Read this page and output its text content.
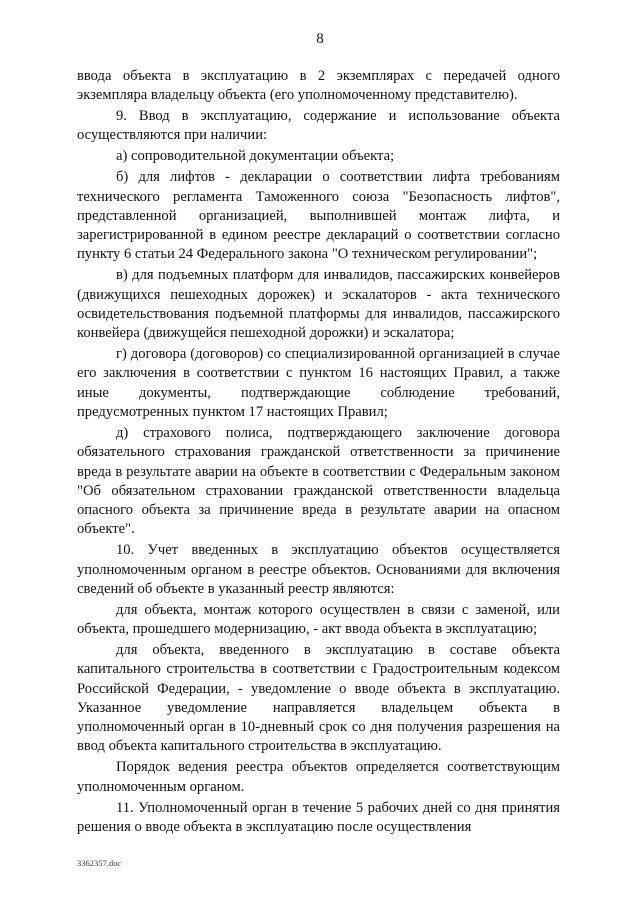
8

ввода объекта в эксплуатацию в 2 экземплярах с передачей одного экземпляра владельцу объекта (его уполномоченному представителю).

9. Ввод в эксплуатацию, содержание и использование объекта осуществляются при наличии:

а) сопроводительной документации объекта;

б) для лифтов - декларации о соответствии лифта требованиям технического регламента Таможенного союза "Безопасность лифтов", представленной организацией, выполнившей монтаж лифта, и зарегистрированной в едином реестре деклараций о соответствии согласно пункту 6 статьи 24 Федерального закона "О техническом регулировании";

в) для подъемных платформ для инвалидов, пассажирских конвейеров (движущихся пешеходных дорожек) и эскалаторов - акта технического освидетельствования подъемной платформы для инвалидов, пассажирского конвейера (движущейся пешеходной дорожки) и эскалатора;

г) договора (договоров) со специализированной организацией в случае его заключения в соответствии с пунктом 16 настоящих Правил, а также иные документы, подтверждающие соблюдение требований, предусмотренных пунктом 17 настоящих Правил;

д) страхового полиса, подтверждающего заключение договора обязательного страхования гражданской ответственности за причинение вреда в результате аварии на объекте в соответствии с Федеральным законом "Об обязательном страховании гражданской ответственности владельца опасного объекта за причинение вреда в результате аварии на опасном объекте".

10. Учет введенных в эксплуатацию объектов осуществляется уполномоченным органом в реестре объектов. Основаниями для включения сведений об объекте в указанный реестр являются:

для объекта, монтаж которого осуществлен в связи с заменой, или объекта, прошедшего модернизацию, - акт ввода объекта в эксплуатацию;

для объекта, введенного в эксплуатацию в составе объекта капитального строительства в соответствии с Градостроительным кодексом Российской Федерации, - уведомление о вводе объекта в эксплуатацию. Указанное уведомление направляется владельцем объекта в уполномоченный орган в 10-дневный срок со дня получения разрешения на ввод объекта капитального строительства в эксплуатацию.

Порядок ведения реестра объектов определяется соответствующим уполномоченным органом.

11. Уполномоченный орган в течение 5 рабочих дней со дня принятия решения о вводе объекта в эксплуатацию после осуществления

3362357.doc
